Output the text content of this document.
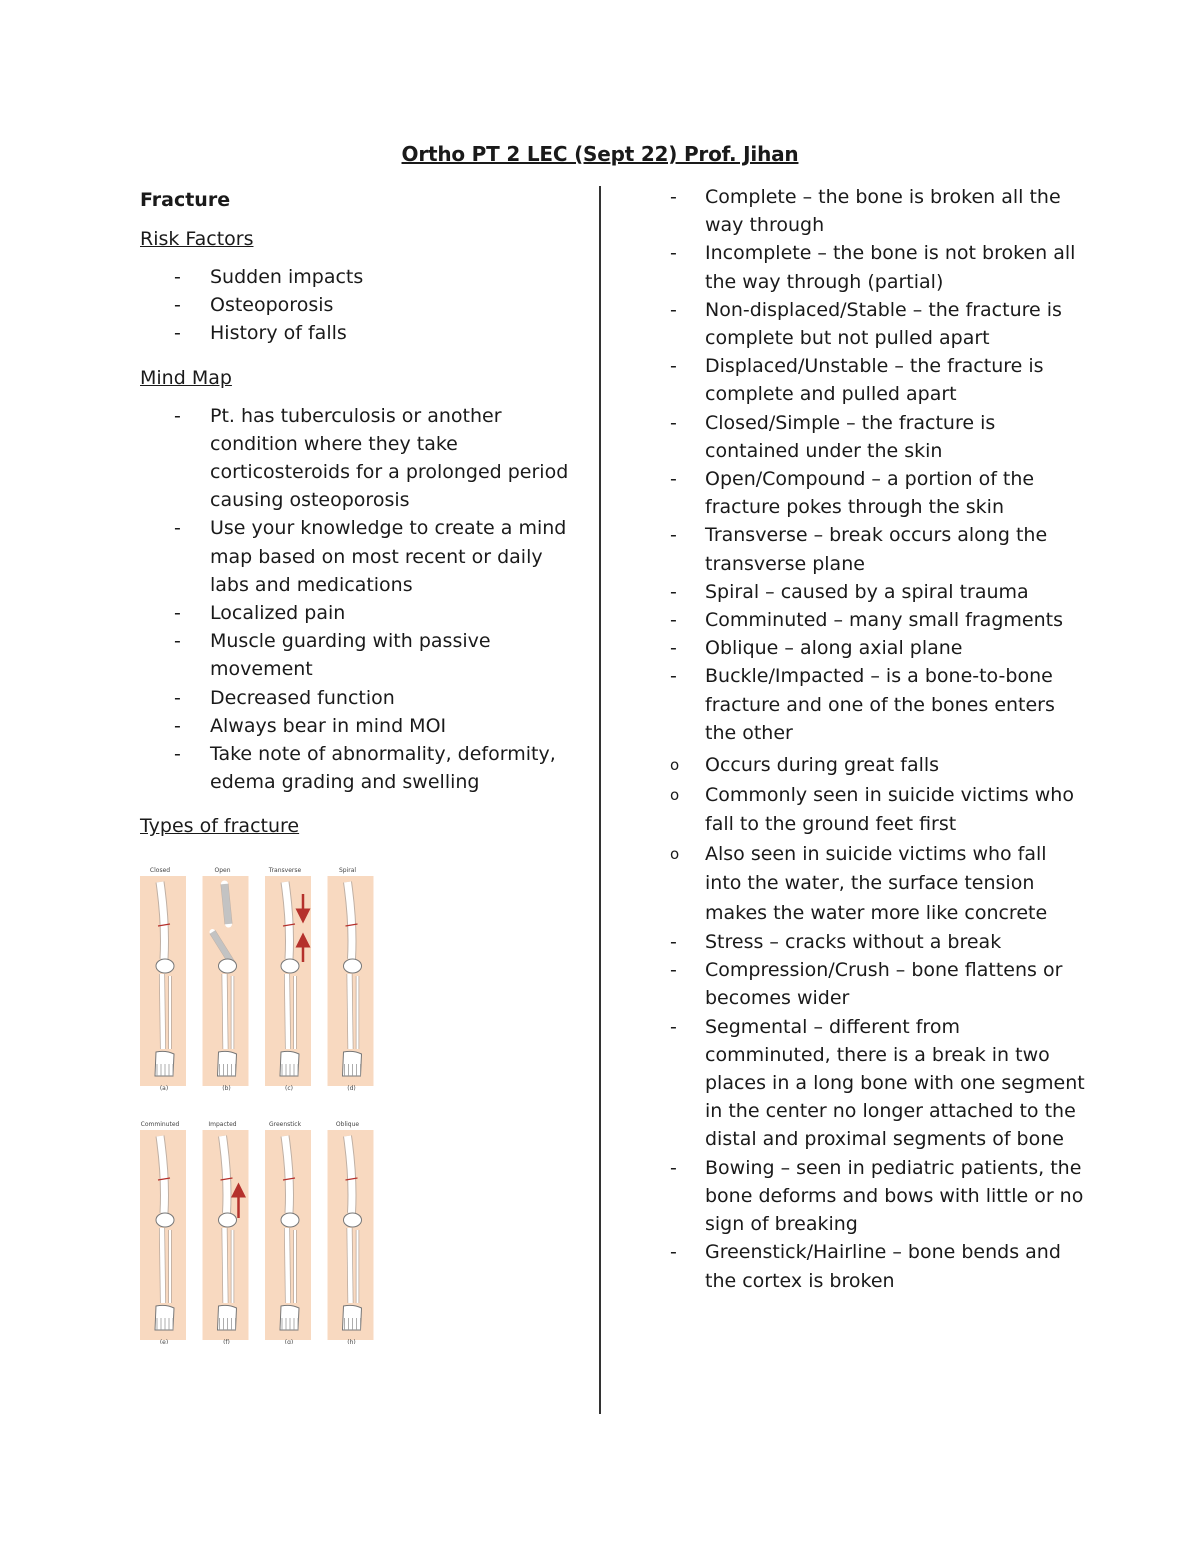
Ortho PT 2 LEC (Sept 22) Prof. Jihan
Fracture
Risk Factors
- Sudden impacts
- Osteoporosis
- History of falls
Mind Map
- Pt. has tuberculosis or another condition where they take corticosteroids for a prolonged period causing osteoporosis
- Use your knowledge to create a mind map based on most recent or daily labs and medications
- Localized pain
- Muscle guarding with passive movement
- Decreased function
- Always bear in mind MOI
- Take note of abnormality, deformity, edema grading and swelling
Types of fracture
Closed
(a)
Open
(b)
Transverse
(c)
Spiral
(d)
Comminuted
(e)
Impacted
(f)
Greenstick
(g)
Oblique
(h)
- Complete – the bone is broken all the way through
- Incomplete – the bone is not broken all the way through (partial)
- Non-displaced/Stable – the fracture is complete but not pulled apart
- Displaced/Unstable – the fracture is complete and pulled apart
- Closed/Simple – the fracture is contained under the skin
- Open/Compound – a portion of the fracture pokes through the skin
- Transverse – break occurs along the transverse plane
- Spiral – caused by a spiral trauma
- Comminuted – many small fragments
- Oblique – along axial plane
- Buckle/Impacted – is a bone-to-bone fracture and one of the bones enters the other
o Occurs during great falls
o Commonly seen in suicide victims who fall to the ground feet first
o Also seen in suicide victims who fall into the water, the surface tension makes the water more like concrete
- Stress – cracks without a break
- Compression/Crush – bone flattens or becomes wider
- Segmental – different from comminuted, there is a break in two places in a long bone with one segment in the center no longer attached to the distal and proximal segments of bone
- Bowing – seen in pediatric patients, the bone deforms and bows with little or no sign of breaking
- Greenstick/Hairline – bone bends and the cortex is broken
